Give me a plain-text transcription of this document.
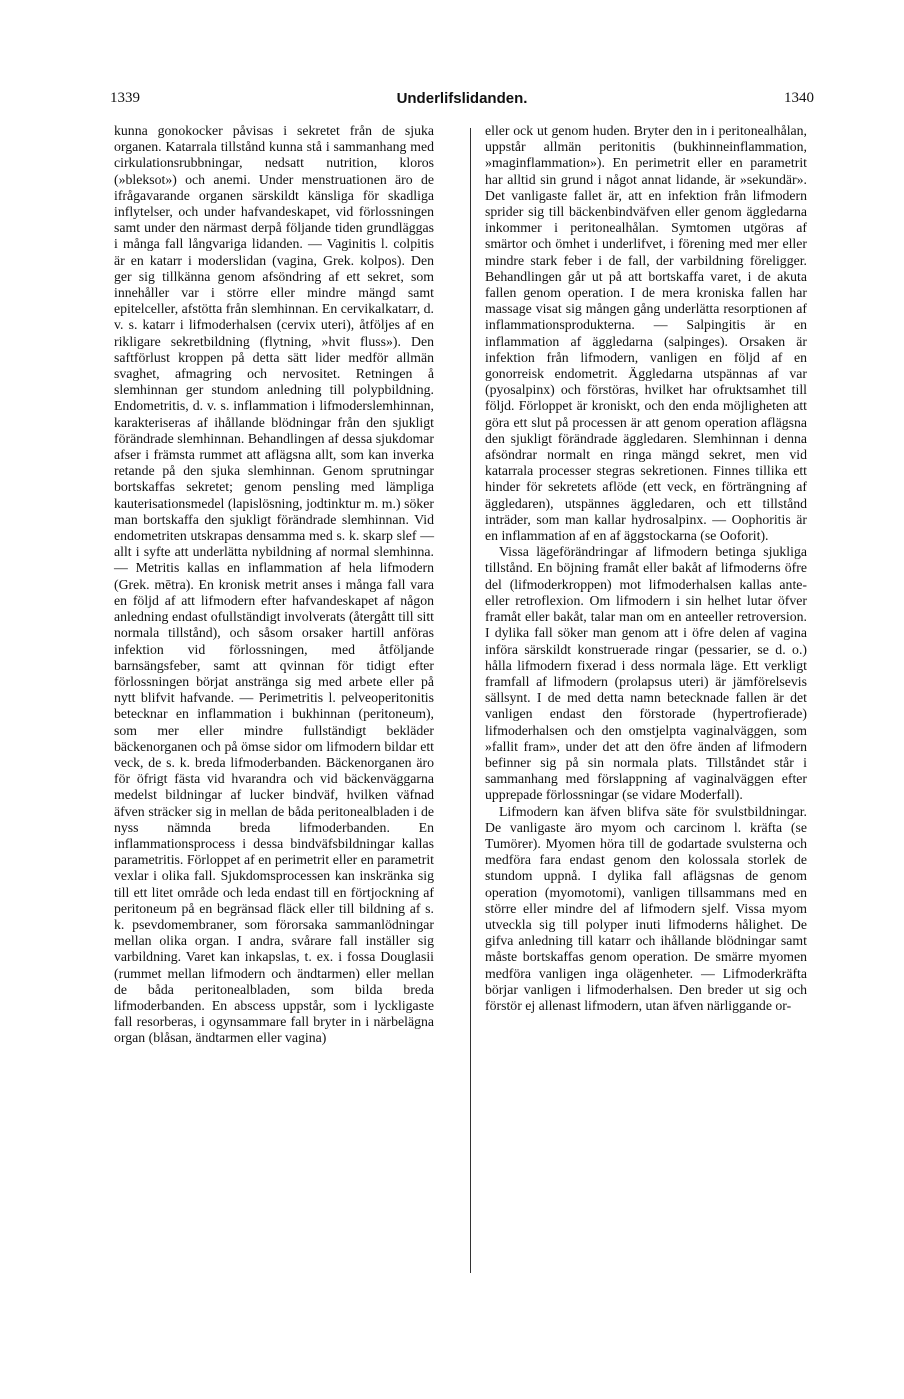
1339	Underlifslidanden.	1340

kunna gonokocker påvisas i sekretet från de sjuka organen. Katarrala tillstånd kunna stå i sammanhang med cirkulationsrubbningar, nedsatt nutrition, kloros (»bleksot») och anemi. Under menstruationen äro de ifrågavarande organen särskildt känsliga för skadliga inflytelser, och under hafvandeskapet, vid förlossningen samt under den närmast derpå följande tiden grundläggas i många fall långvariga lidanden. — Vaginitis l. colpitis är en katarr i moderslidan (vagina, Grek. kolpos). Den ger sig tillkänna genom afsöndring af ett sekret, som innehåller var i större eller mindre mängd samt epitelceller, afstötta från slemhinnan. En cervikalkatarr, d. v. s. katarr i lifmoderhalsen (cervix uteri), åtföljes af en rikligare sekretbildning (flytning, »hvit fluss»). Den saftförlust kroppen på detta sätt lider medför allmän svaghet, afmagring och nervositet. Retningen å slemhinnan ger stundom anledning till polypbildning. Endometritis, d. v. s. inflammation i lifmoderslemhinnan, karakteriseras af ihållande blödningar från den sjukligt förändrade slemhinnan. Behandlingen af dessa sjukdomar afser i främsta rummet att aflägsna allt, som kan inverka retande på den sjuka slemhinnan. Genom sprutningar bortskaffas sekretet; genom pensling med lämpliga kauterisationsmedel (lapislösning, jodtinktur m. m.) söker man bortskaffa den sjukligt förändrade slemhinnan. Vid endometriten utskrapas densamma med s. k. skarp slef — allt i syfte att underlätta nybildning af normal slemhinna. — Metritis kallas en inflammation af hela lifmodern (Grek. mētra). En kronisk metrit anses i många fall vara en följd af att lifmodern efter hafvandeskapet af någon anledning endast ofullständigt involverats (återgått till sitt normala tillstånd), och såsom orsaker hartill anföras infektion vid förlossningen, med åtföljande barnsängsfeber, samt att qvinnan för tidigt efter förlossningen börjat anstränga sig med arbete eller på nytt blifvit hafvande. — Perimetritis l. pelveoperitonitis betecknar en inflammation i bukhinnan (peritoneum), som mer eller mindre fullständigt bekläder bäckenorganen och på ömse sidor om lifmodern bildar ett veck, de s. k. breda lifmoderbanden. Bäckenorganen äro för öfrigt fästa vid hvarandra och vid bäckenväggarna medelst bildningar af lucker bindväf, hvilken väfnad äfven sträcker sig in mellan de båda peritonealbladen i de nyss nämnda breda lifmoderbanden. En inflammationsprocess i dessa bindväfsbildningar kallas parametritis. Förloppet af en perimetrit eller en parametrit vexlar i olika fall. Sjukdomsprocessen kan inskränka sig till ett litet område och leda endast till en förtjockning af peritoneum på en begränsad fläck eller till bildning af s. k. psevdomembraner, som förorsaka sammanlödningar mellan olika organ. I andra, svårare fall inställer sig varbildning. Varet kan inkapslas, t. ex. i fossa Douglasii (rummet mellan lifmodern och ändtarmen) eller mellan de båda peritonealbladen, som bilda breda lifmoderbanden. En abscess uppstår, som i lyckligaste fall resorberas, i ogynsammare fall bryter in i närbelägna organ (blåsan, ändtarmen eller vagina)

eller ock ut genom huden. Bryter den in i peritonealhålan, uppstår allmän peritonitis (bukhinneinflammation, »maginflammation»). En perimetrit eller en parametrit har alltid sin grund i något annat lidande, är »sekundär». Det vanligaste fallet är, att en infektion från lifmodern sprider sig till bäckenbindväfven eller genom äggledarna inkommer i peritonealhålan. Symtomen utgöras af smärtor och ömhet i underlifvet, i förening med mer eller mindre stark feber i de fall, der varbildning föreligger. Behandlingen går ut på att bortskaffa varet, i de akuta fallen genom operation. I de mera kroniska fallen har massage visat sig mången gång underlätta resorptionen af inflammationsprodukterna. — Salpingitis är en inflammation af äggledarna (salpinges). Orsaken är infektion från lifmodern, vanligen en följd af en gonorreisk endometrit. Äggledarna utspännas af var (pyosalpinx) och förstöras, hvilket har ofruktsamhet till följd. Förloppet är kroniskt, och den enda möjligheten att göra ett slut på processen är att genom operation aflägsna den sjukligt förändrade äggledaren. Slemhinnan i denna afsöndrar normalt en ringa mängd sekret, men vid katarrala processer stegras sekretionen. Finnes tillika ett hinder för sekretets aflöde (ett veck, en förträngning af äggledaren), utspännes äggledaren, och ett tillstånd inträder, som man kallar hydrosalpinx. — Oophoritis är en inflammation af en af äggstockarna (se Ooforit).

Vissa lägeförändringar af lifmodern betinga sjukliga tillstånd. En böjning framåt eller bakåt af lifmoderns öfre del (lifmoderkroppen) mot lifmoderhalsen kallas ante- eller retroflexion. Om lifmodern i sin helhet lutar öfver framåt eller bakåt, talar man om en anteeller retroversion. I dylika fall söker man genom att i öfre delen af vagina införa särskildt konstruerade ringar (pessarier, se d. o.) hålla lifmodern fixerad i dess normala läge. Ett verkligt framfall af lifmodern (prolapsus uteri) är jämförelsevis sällsynt. I de med detta namn betecknade fallen är det vanligen endast den förstorade (hypertrofierade) lifmoderhalsen och den omstjelpta vaginalväggen, som »fallit fram», under det att den öfre änden af lifmodern befinner sig på sin normala plats. Tillståndet står i sammanhang med förslappning af vaginalväggen efter upprepade förlossningar (se vidare Moderfall).

Lifmodern kan äfven blifva säte för svulstbildningar. De vanligaste äro myom och carcinom l. kräfta (se Tumörer). Myomen höra till de godartade svulsterna och medföra fara endast genom den kolossala storlek de stundom uppnå. I dylika fall aflägsnas de genom operation (myomotomi), vanligen tillsammans med en större eller mindre del af lifmodern sjelf. Vissa myom utveckla sig till polyper inuti lifmoderns hålighet. De gifva anledning till katarr och ihållande blödningar samt måste bortskaffas genom operation. De smärre myomen medföra vanligen inga olägenheter. — Lifmoderkräfta börjar vanligen i lifmoderhalsen. Den breder ut sig och förstör ej allenast lifmodern, utan äfven närliggande or-
